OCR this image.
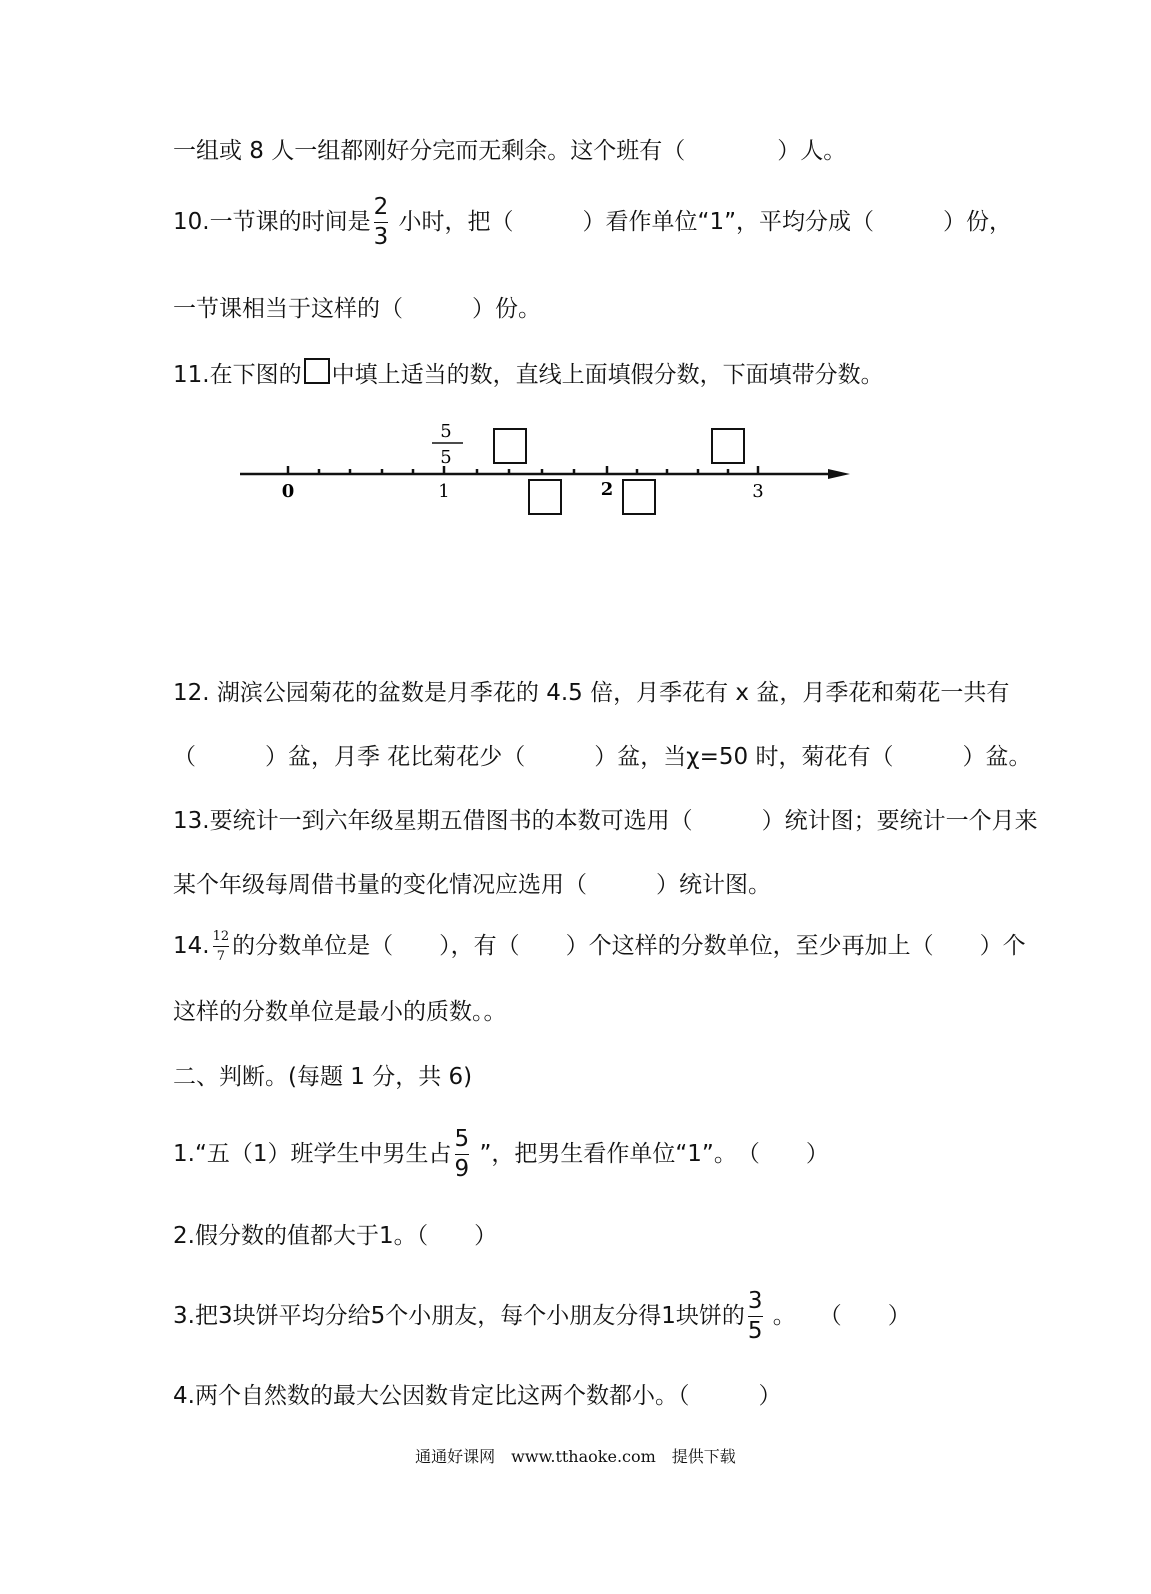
一组或 8 人一组都刚好分完而无剩余。这个班有（　　　　）人。
10.一节课的时间是 $\frac{2}{3}$ 小时，把（　　　）看作单位“1”，平均分成（　　　）份，
一节课相当于这样的（　　　）份。
11.在下图的 中填上适当的数，直线上面填假分数，下面填带分数。
0	1	2	3
5
5
12. 湖滨公园菊花的盆数是月季花的 4.5 倍，月季花有 x 盆，月季花和菊花一共有
（　　　）盆，月季 花比菊花少（　　　）盆，当χ=50 时，菊花有（　　　）盆。
13.要统计一到六年级星期五借图书的本数可选用（　　　）统计图；要统计一个月来
某个年级每周借书量的变化情况应选用（　　　）统计图。
14. $\frac{12}{7}$ 的分数单位是（　　），有（　　）个这样的分数单位，至少再加上（　　）个
这样的分数单位是最小的质数。。
二、判断。(每题 1 分，共 6)
1.“五（1）班学生中男生占 $\frac{5}{9}$ ”，把男生看作单位“1”。　（　　）
2.假分数的值都大于1。（　　）
3.把3块饼平均分给5个小朋友，每个小朋友分得1块饼的 $\frac{3}{5}$ 。　　（　　）
4.两个自然数的最大公因数肯定比这两个数都小。（　　　）
通通好课网　www.tthaoke.com　提供下载
